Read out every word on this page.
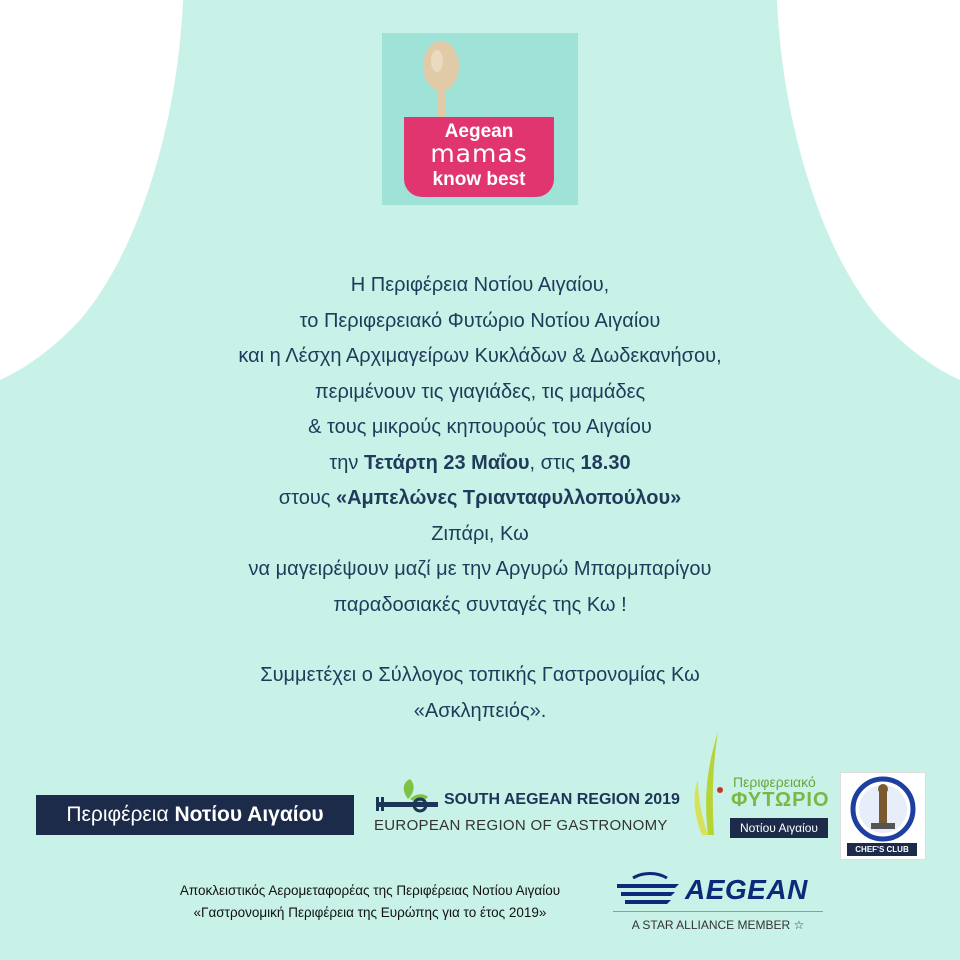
Aegean
mamas
know best

Η Περιφέρεια Νοτίου Αιγαίου,

το Περιφερειακό Φυτώριο Νοτίου Αιγαίου

και η Λέσχη Αρχιμαγείρων Κυκλάδων & Δωδεκανήσου,

περιμένουν τις γιαγιάδες, τις μαμάδες

& τους μικρούς κηπουρούς του Αιγαίου

την Τετάρτη 23 Μαΐου, στις 18.30

στους «Αμπελώνες Τριανταφυλλοπούλου»

Ζιπάρι, Κω

να μαγειρέψουν μαζί με την Αργυρώ Μπαρμπαρίγου

παραδοσιακές συνταγές της Κω !

Συμμετέχει ο Σύλλογος τοπικής Γαστρονομίας Κω

«Ασκληπειός».

Περιφέρεια Νοτίου Αιγαίου
SOUTH AEGEAN REGION 2019
EUROPEAN REGION OF GASTRONOMY
Περιφερειακό
ΦΥΤΩΡΙΟ
Νοτίου Αιγαίου
CHEF'S CLUB

Αποκλειστικός Αερομεταφορέας της Περιφέρειας Νοτίου Αιγαίου

«Γαστρονομική Περιφέρεια της Ευρώπης για το έτος 2019»

AEGEAN
A STAR ALLIANCE MEMBER ☆
